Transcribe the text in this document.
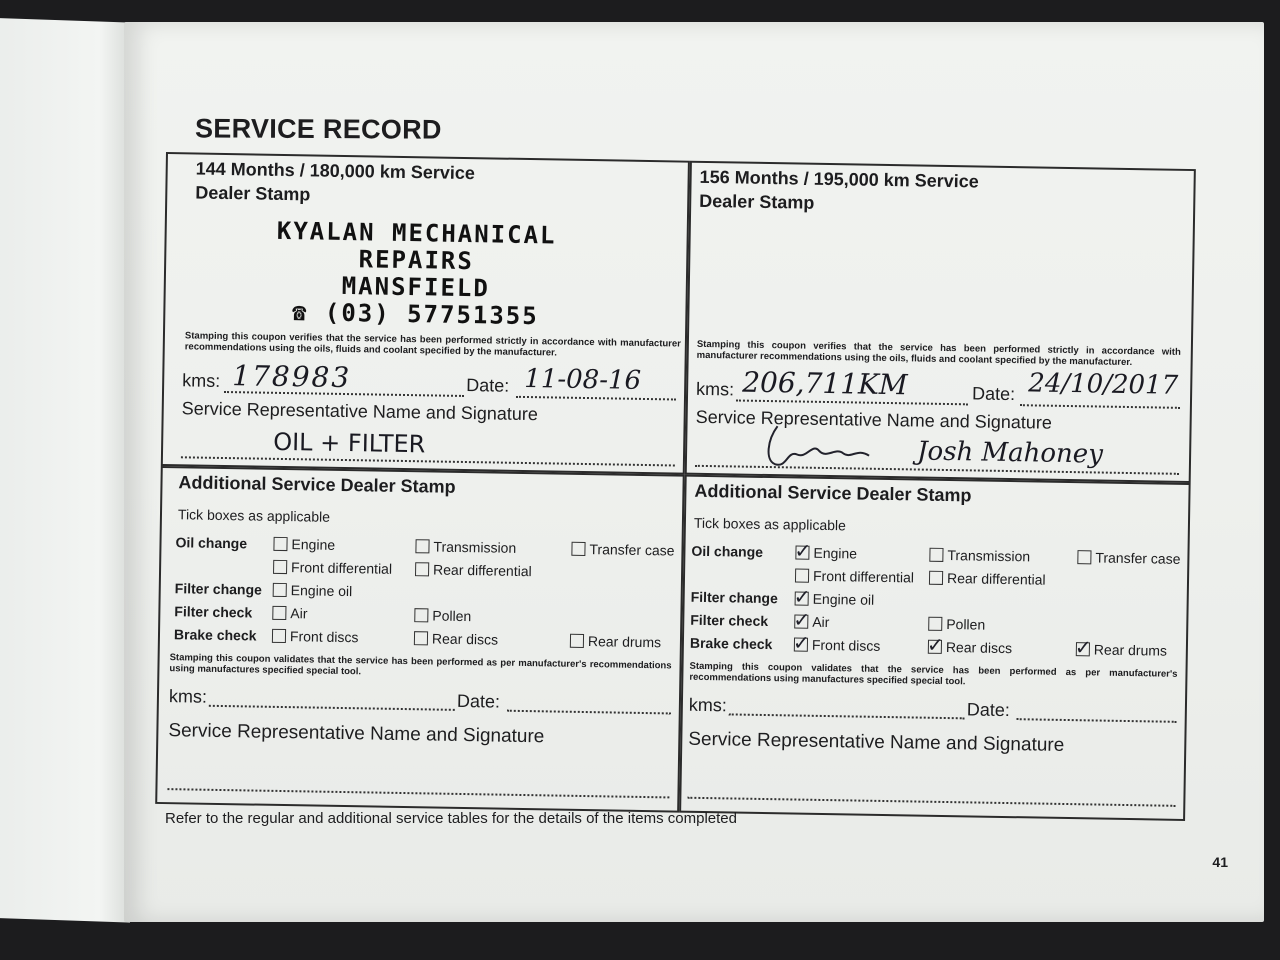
SERVICE RECORD
144 Months / 180,000 km Service
Dealer Stamp
KYALAN MECHANICAL
REPAIRS
MANSFIELD
☎ (03) 57751355
Stamping this coupon verifies that the service has been performed strictly in accordance with manufacturer recommendations using the oils, fluids and coolant specified by the manufacturer.
kms: 178983	Date: 11-08-16
Service Representative Name and Signature
OIL + FILTER
156 Months / 195,000 km Service
Dealer Stamp
Stamping this coupon verifies that the service has been performed strictly in accordance with manufacturer recommendations using the oils, fluids and coolant specified by the manufacturer.
kms: 206,711KM	Date: 24/10/2017
Service Representative Name and Signature
Josh Mahoney
Additional Service Dealer Stamp
Tick boxes as applicable
Oil change	Engine	Transmission	Transfer case
Front differential	Rear differential
Filter change Engine oil
Filter check	Air	Pollen
Brake check Front discs	Rear discs	Rear drums
Stamping this coupon validates that the service has been performed as per manufacturer's recommendations using manufactures specified special tool.
kms:	Date:
Service Representative Name and Signature
Additional Service Dealer Stamp
Tick boxes as applicable
Oil change ✓ Engine	Transmission	Transfer case
Front differential Rear differential
Filter change ✓ Engine oil
Filter check ✓ Air	Pollen
Brake check ✓ Front discs ✓ Rear discs	✓ Rear drums
Stamping this coupon validates that the service has been performed as per manufacturer's recommendations using manufactures specified special tool.
kms:	Date:
Service Representative Name and Signature
Refer to the regular and additional service tables for the details of the items completed
41
